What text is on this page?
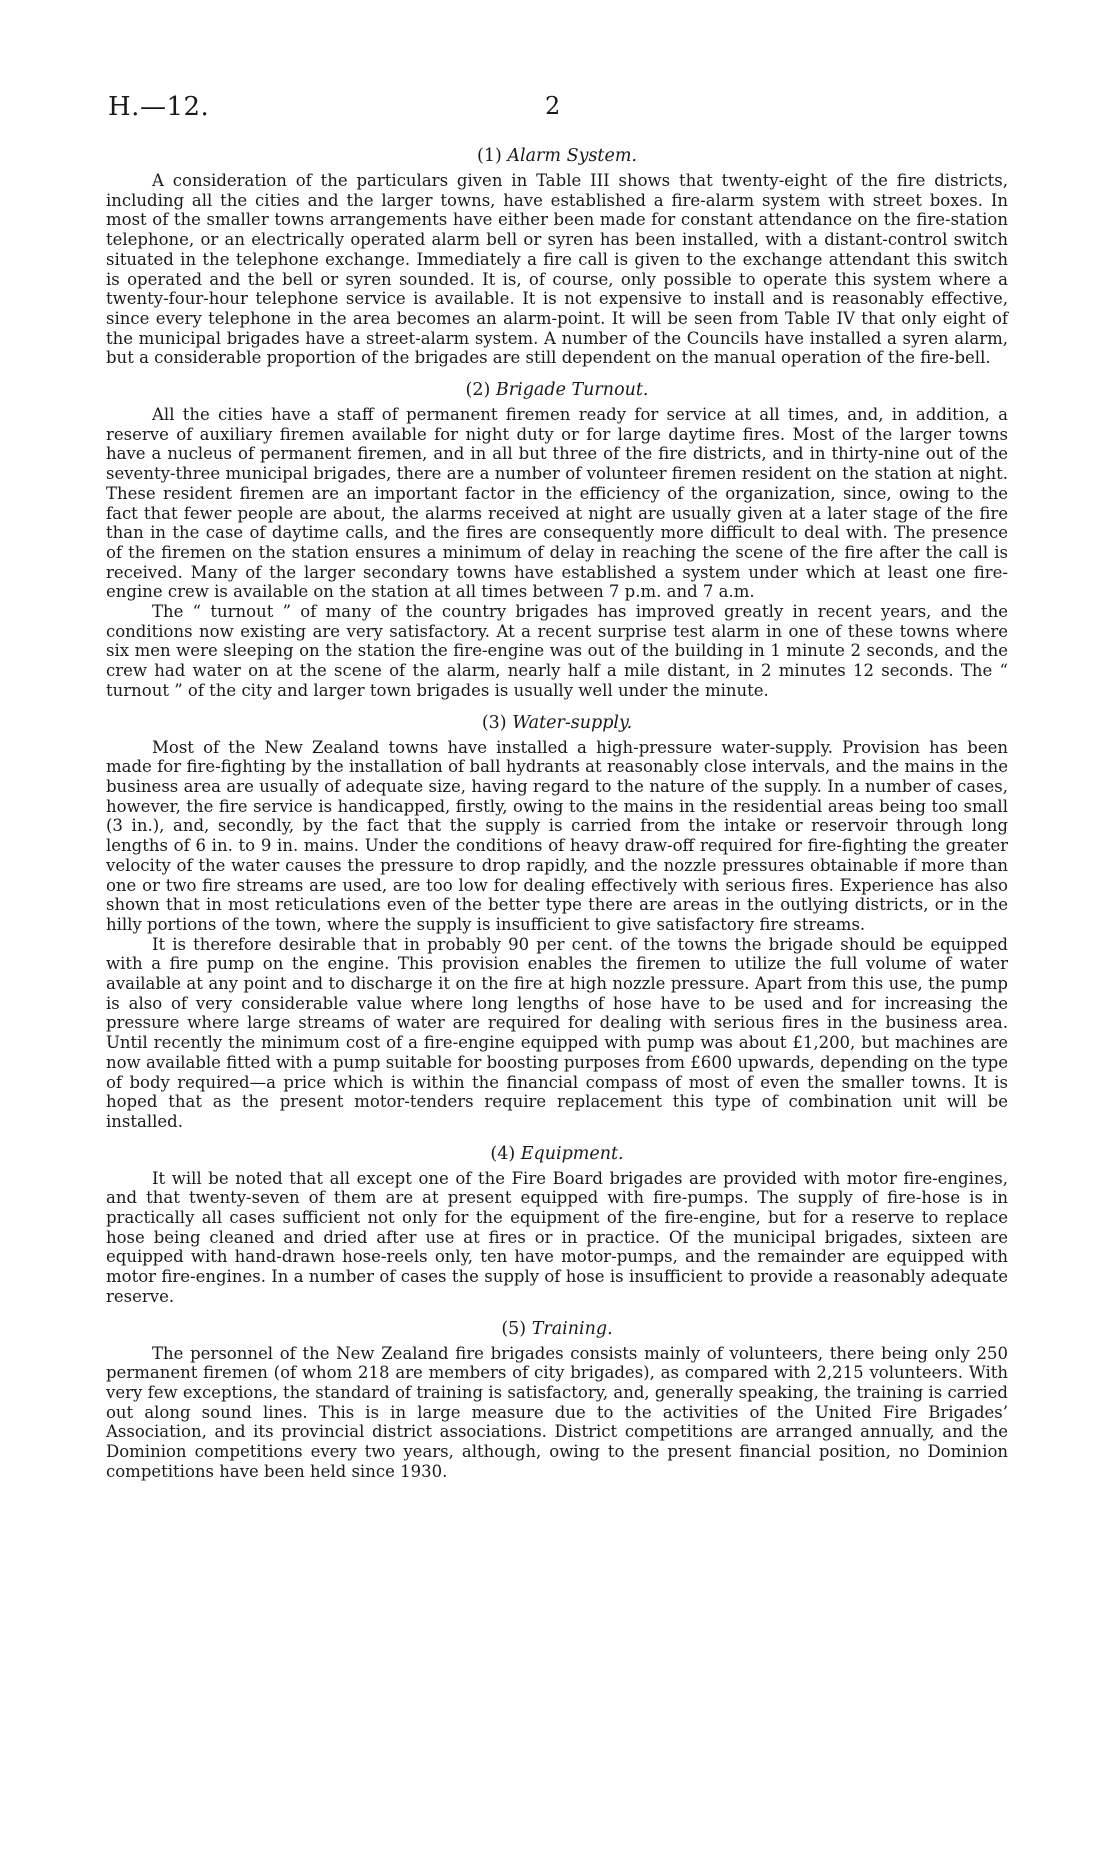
H.—12.	2
(1) Alarm System.

A consideration of the particulars given in Table III shows that twenty-eight of the fire districts, including all the cities and the larger towns, have established a fire-alarm system with street boxes. In most of the smaller towns arrangements have either been made for constant attendance on the fire-station telephone, or an electrically operated alarm bell or syren has been installed, with a distant-control switch situated in the telephone exchange. Immediately a fire call is given to the exchange attendant this switch is operated and the bell or syren sounded. It is, of course, only possible to operate this system where a twenty-four-hour telephone service is available. It is not expensive to install and is reasonably effective, since every telephone in the area becomes an alarm-point. It will be seen from Table IV that only eight of the municipal brigades have a street-alarm system. A number of the Councils have installed a syren alarm, but a considerable proportion of the brigades are still dependent on the manual operation of the fire-bell.

(2) Brigade Turnout.

All the cities have a staff of permanent firemen ready for service at all times, and, in addition, a reserve of auxiliary firemen available for night duty or for large daytime fires. Most of the larger towns have a nucleus of permanent firemen, and in all but three of the fire districts, and in thirty-nine out of the seventy-three municipal brigades, there are a number of volunteer firemen resident on the station at night. These resident firemen are an important factor in the efficiency of the organization, since, owing to the fact that fewer people are about, the alarms received at night are usually given at a later stage of the fire than in the case of daytime calls, and the fires are consequently more difficult to deal with. The presence of the firemen on the station ensures a minimum of delay in reaching the scene of the fire after the call is received. Many of the larger secondary towns have established a system under which at least one fire-engine crew is available on the station at all times between 7 p.m. and 7 a.m.

The “ turnout ” of many of the country brigades has improved greatly in recent years, and the conditions now existing are very satisfactory. At a recent surprise test alarm in one of these towns where six men were sleeping on the station the fire-engine was out of the building in 1 minute 2 seconds, and the crew had water on at the scene of the alarm, nearly half a mile distant, in 2 minutes 12 seconds. The “ turnout ” of the city and larger town brigades is usually well under the minute.

(3) Water-supply.

Most of the New Zealand towns have installed a high-pressure water-supply. Provision has been made for fire-fighting by the installation of ball hydrants at reasonably close intervals, and the mains in the business area are usually of adequate size, having regard to the nature of the supply. In a number of cases, however, the fire service is handicapped, firstly, owing to the mains in the residential areas being too small (3 in.), and, secondly, by the fact that the supply is carried from the intake or reservoir through long lengths of 6 in. to 9 in. mains. Under the conditions of heavy draw-off required for fire-fighting the greater velocity of the water causes the pressure to drop rapidly, and the nozzle pressures obtainable if more than one or two fire streams are used, are too low for dealing effectively with serious fires. Experience has also shown that in most reticulations even of the better type there are areas in the outlying districts, or in the hilly portions of the town, where the supply is insufficient to give satisfactory fire streams.

It is therefore desirable that in probably 90 per cent. of the towns the brigade should be equipped with a fire pump on the engine. This provision enables the firemen to utilize the full volume of water available at any point and to discharge it on the fire at high nozzle pressure. Apart from this use, the pump is also of very considerable value where long lengths of hose have to be used and for increasing the pressure where large streams of water are required for dealing with serious fires in the business area. Until recently the minimum cost of a fire-engine equipped with pump was about £1,200, but machines are now available fitted with a pump suitable for boosting purposes from £600 upwards, depending on the type of body required—a price which is within the financial compass of most of even the smaller towns. It is hoped that as the present motor-tenders require replacement this type of combination unit will be installed.

(4) Equipment.

It will be noted that all except one of the Fire Board brigades are provided with motor fire-engines, and that twenty-seven of them are at present equipped with fire-pumps. The supply of fire-hose is in practically all cases sufficient not only for the equipment of the fire-engine, but for a reserve to replace hose being cleaned and dried after use at fires or in practice. Of the municipal brigades, sixteen are equipped with hand-drawn hose-reels only, ten have motor-pumps, and the remainder are equipped with motor fire-engines. In a number of cases the supply of hose is insufficient to provide a reasonably adequate reserve.

(5) Training.

The personnel of the New Zealand fire brigades consists mainly of volunteers, there being only 250 permanent firemen (of whom 218 are members of city brigades), as compared with 2,215 volunteers. With very few exceptions, the standard of training is satisfactory, and, generally speaking, the training is carried out along sound lines. This is in large measure due to the activities of the United Fire Brigades’ Association, and its provincial district associations. District competitions are arranged annually, and the Dominion competitions every two years, although, owing to the present financial position, no Dominion competitions have been held since 1930.
